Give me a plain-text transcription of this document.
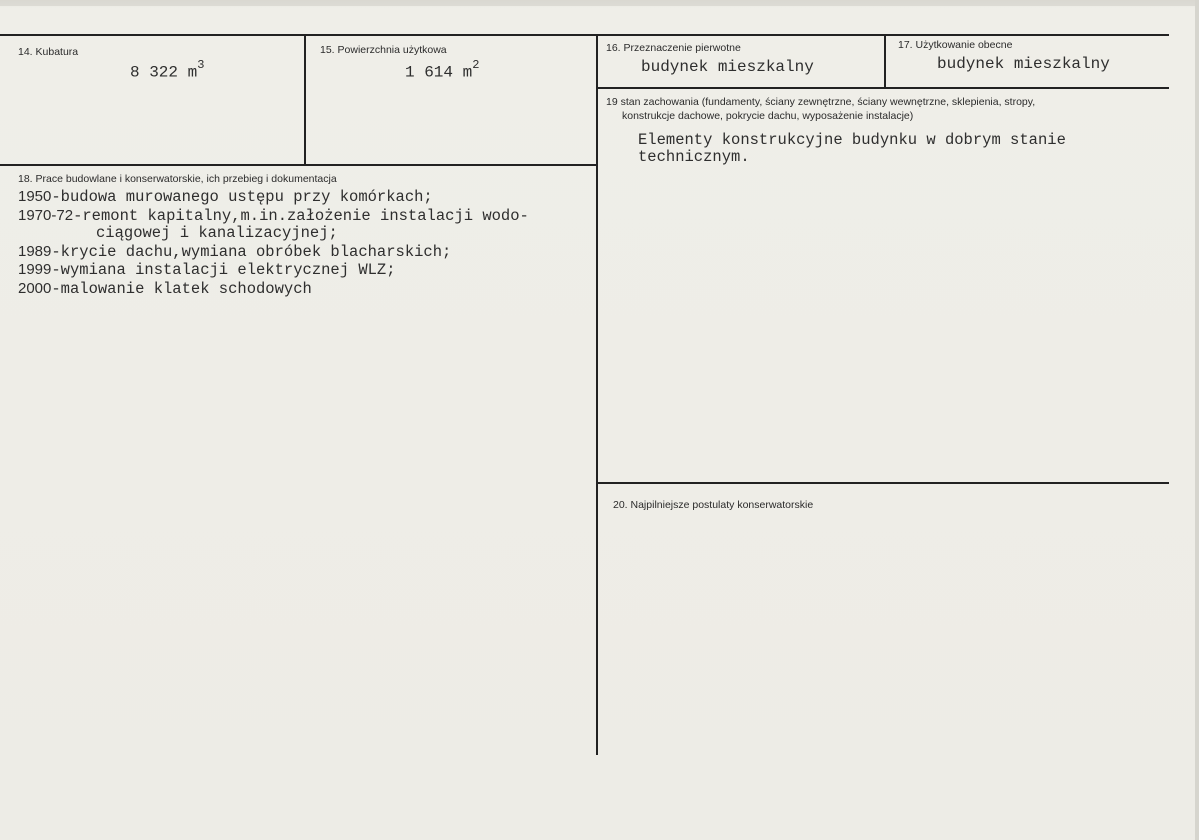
14. Kubatura
8 322 $m^3$
15. Powierzchnia użytkowa
1 614 $m^2$
16. Przeznaczenie pierwotne
budynek mieszkalny
17. Użytkowanie obecne
budynek mieszkalny
19 stan zachowania (fundamenty, ściany zewnętrzne, ściany wewnętrzne, sklepienia, stropy,
konstrukcje dachowe, pokrycie dachu, wyposażenie instalacje)
Elementy konstrukcyjne budynku w dobrym stanie
technicznym.
18. Prace budowlane i konserwatorskie, ich przebieg i dokumentacja
1950-budowa murowanego ustępu przy komórkach;
1970-72-remont kapitalny,m.in.założenie instalacji wodo-
ciągowej i kanalizacyjnej;
1989-krycie dachu,wymiana obróbek blacharskich;
1999-wymiana instalacji elektrycznej WLZ;
2000-malowanie klatek schodowych
20. Najpilniejsze postulaty konserwatorskie
